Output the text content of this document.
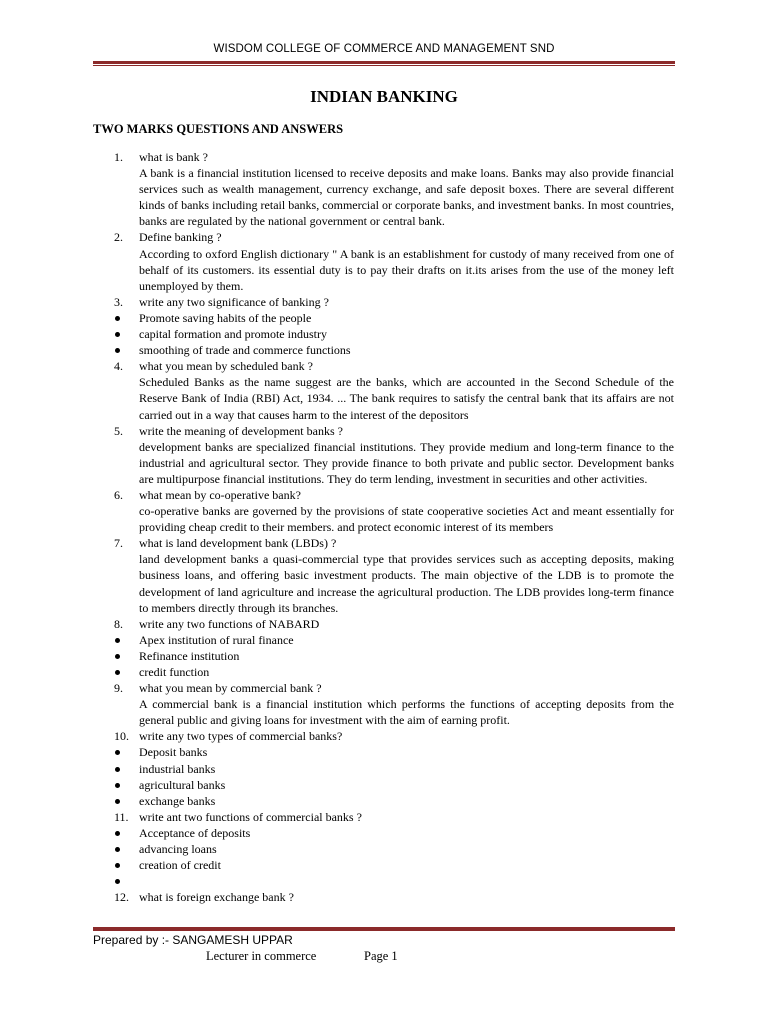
WISDOM COLLEGE OF COMMERCE AND MANAGEMENT SND
INDIAN BANKING
TWO MARKS QUESTIONS AND ANSWERS
1.	what is bank ?
A bank is a financial institution licensed to receive deposits and make loans. Banks may also provide financial services such as wealth management, currency exchange, and safe deposit boxes. There are several different kinds of banks including retail banks, commercial or corporate banks, and investment banks. In most countries, banks are regulated by the national government or central bank.
2.	Define banking ?
According to oxford English dictionary " A bank is an establishment for custody of many received from one of behalf of its customers. its essential duty is to pay their drafts on it.its arises from the use of the money left unemployed by them.
3.	write any two significance of banking ?
Promote saving habits of the people
capital formation and promote industry
smoothing of trade and commerce functions
4.	what you mean by scheduled bank ?
Scheduled Banks as the name suggest are the banks, which are accounted in the Second Schedule of the Reserve Bank of India (RBI) Act, 1934. ... The bank requires to satisfy the central bank that its affairs are not carried out in a way that causes harm to the interest of the depositors
5.	write the meaning of development banks ?
development banks are specialized financial institutions. They provide medium and long-term finance to the industrial and agricultural sector. They provide finance to both private and public sector. Development banks are multipurpose financial institutions. They do term lending, investment in securities and other activities.
6.	what mean by co-operative bank?
co-operative banks are governed by the provisions of state cooperative societies Act and meant essentially for providing cheap credit to their members. and protect economic interest of its members
7.	what is land development bank (LBDs) ?
land development banks a quasi-commercial type that provides services such as accepting deposits, making business loans, and offering basic investment products. The main objective of the LDB is to promote the development of land agriculture and increase the agricultural production. The LDB provides long-term finance to members directly through its branches.
8.	write any two functions of NABARD
Apex institution of rural finance
Refinance institution
credit function
9.	what you mean by commercial bank ?
A commercial bank is a financial institution which performs the functions of accepting deposits from the general public and giving loans for investment with the aim of earning profit.
10. write any two types of commercial banks?
Deposit banks
industrial banks
agricultural banks
exchange banks
11. write ant two functions of commercial banks ?
Acceptance of deposits
advancing loans
creation of credit
12. what is foreign exchange bank ?
Prepared by :- SANGAMESH UPPAR
Lecturer in commerce	Page 1
